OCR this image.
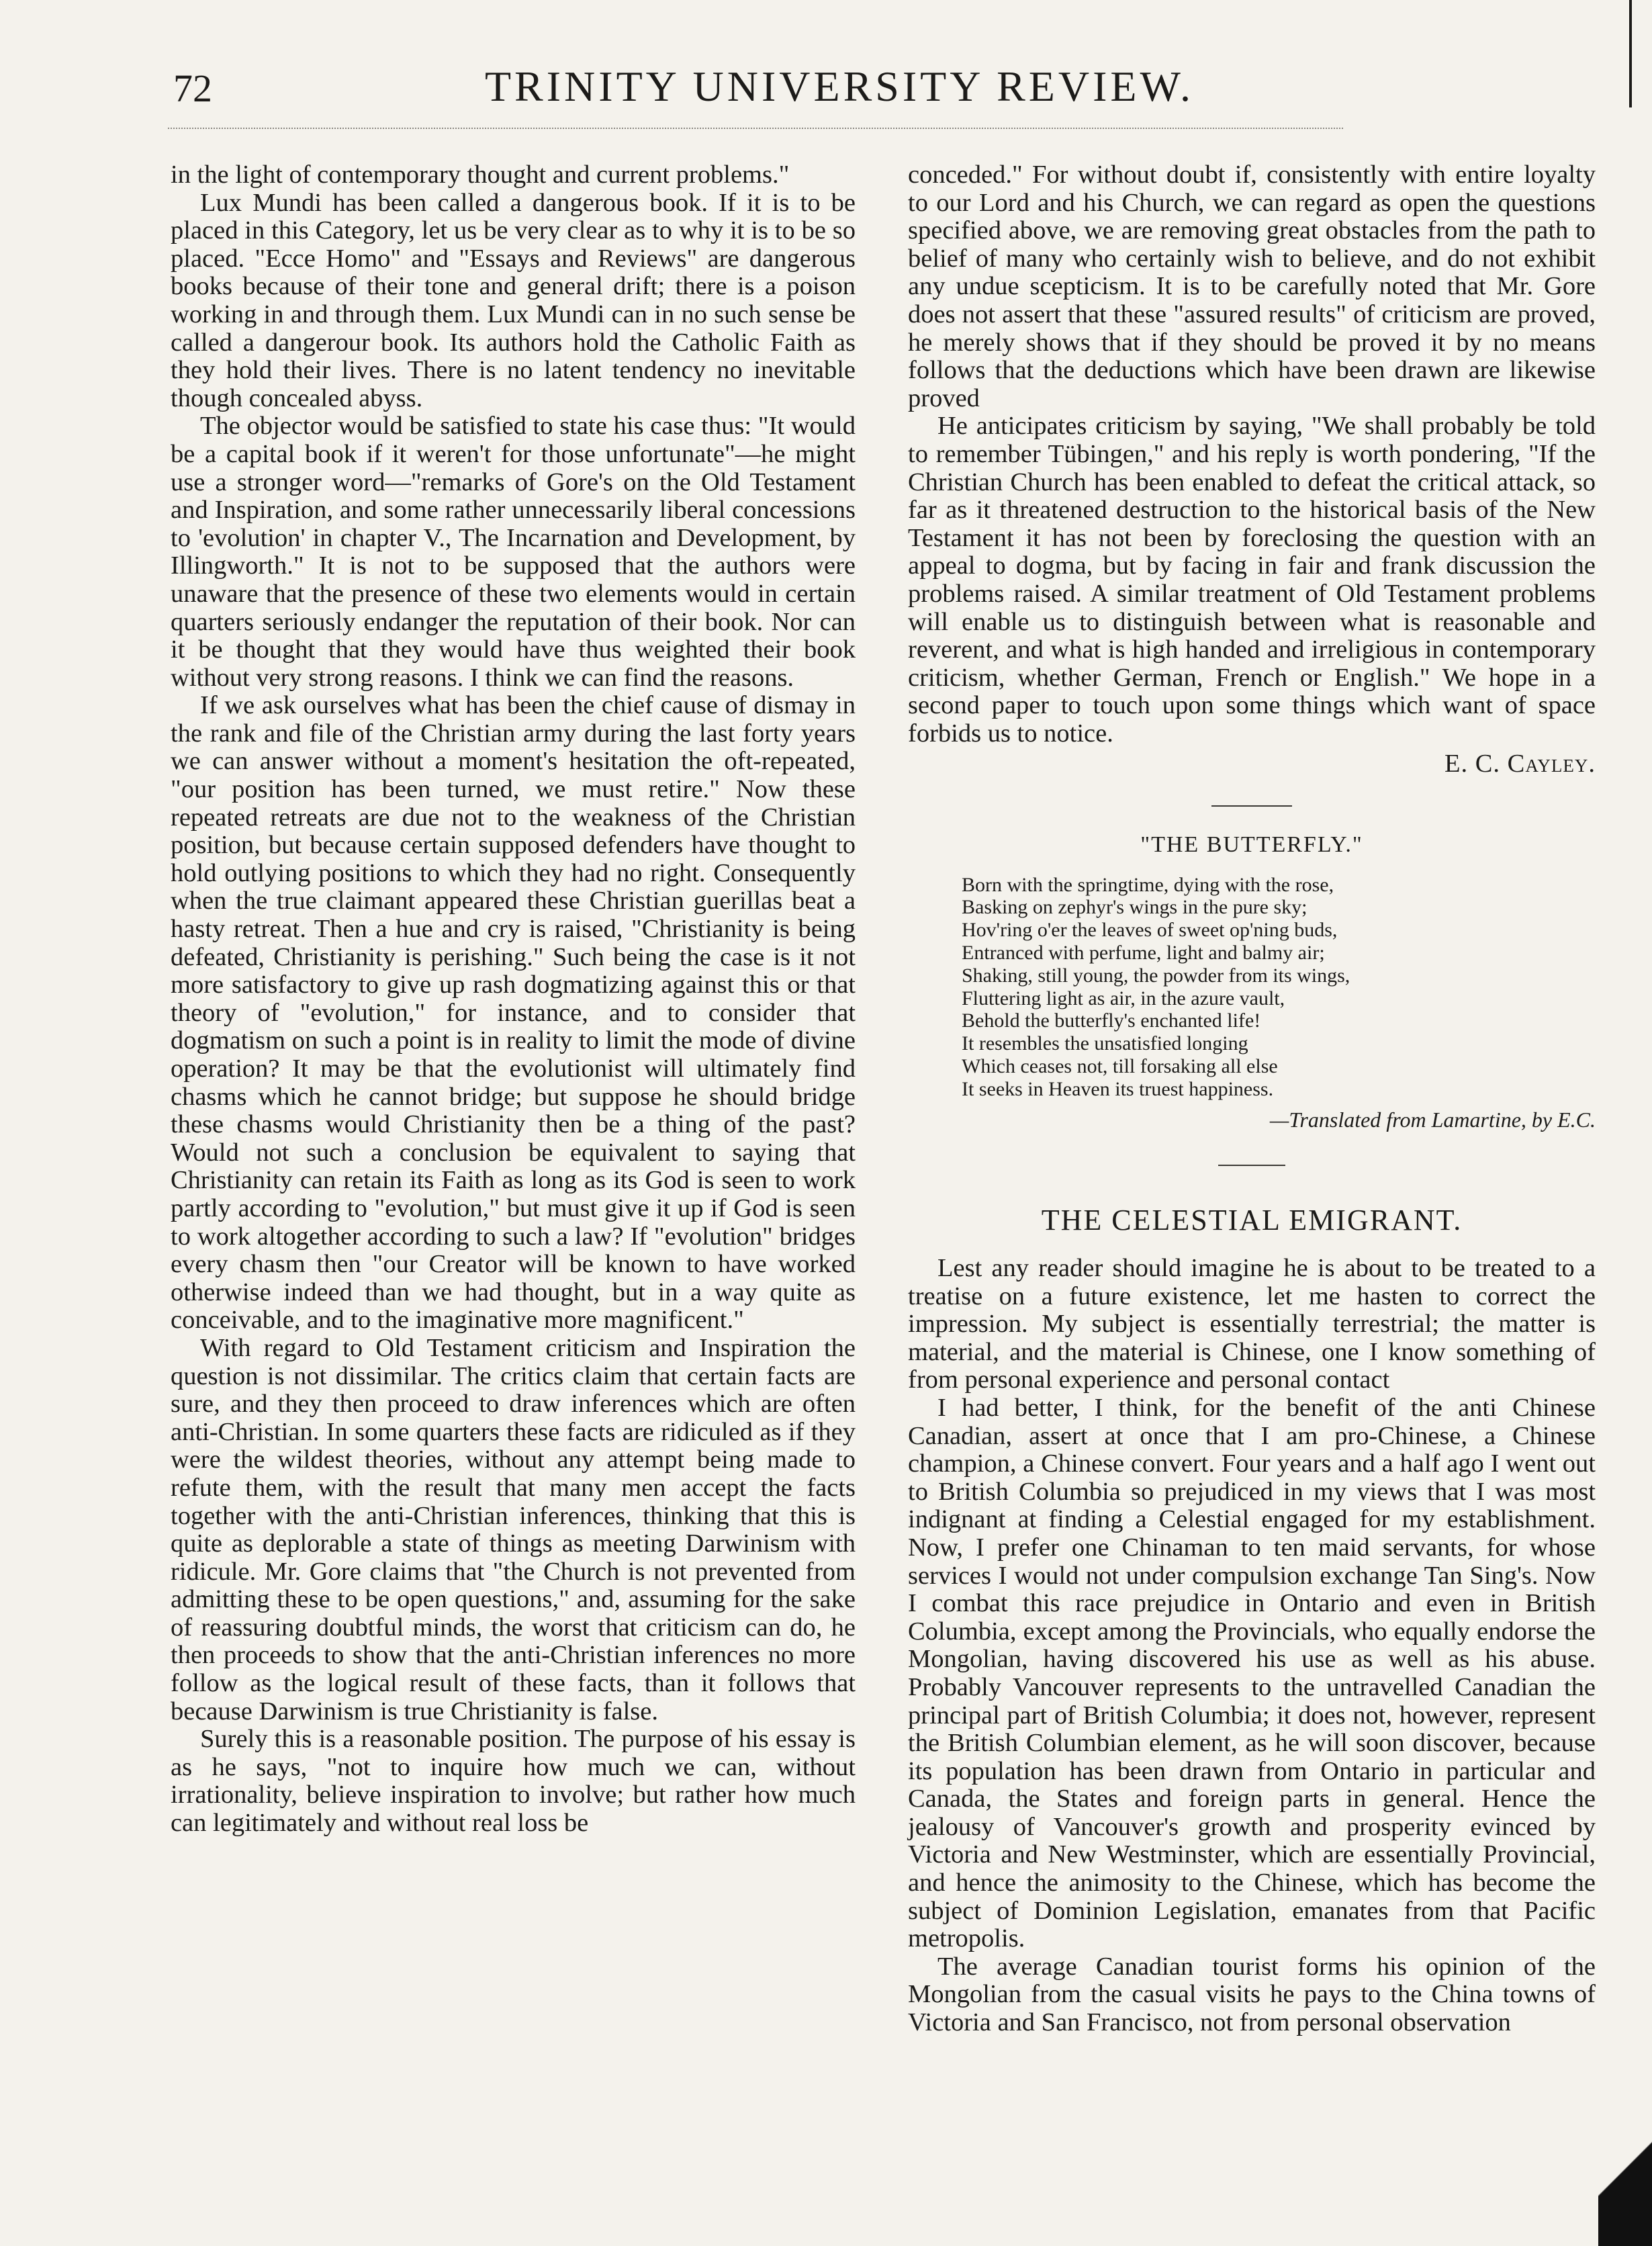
72	TRINITY UNIVERSITY REVIEW.

in the light of contemporary thought and current problems."

Lux Mundi has been called a dangerous book. If it is to be placed in this Category, let us be very clear as to why it is to be so placed. "Ecce Homo" and "Essays and Reviews" are dangerous books because of their tone and general drift; there is a poison working in and through them. Lux Mundi can in no such sense be called a dangerour book. Its authors hold the Catholic Faith as they hold their lives. There is no latent tendency no inevitable though concealed abyss.

The objector would be satisfied to state his case thus: "It would be a capital book if it weren't for those unfortunate"—he might use a stronger word—"remarks of Gore's on the Old Testament and Inspiration, and some rather unnecessarily liberal concessions to 'evolution' in chapter V., The Incarnation and Development, by Illingworth." It is not to be supposed that the authors were unaware that the presence of these two elements would in certain quarters seriously endanger the reputation of their book. Nor can it be thought that they would have thus weighted their book without very strong reasons. I think we can find the reasons.

If we ask ourselves what has been the chief cause of dismay in the rank and file of the Christian army during the last forty years we can answer without a moment's hesitation the oft-repeated, "our position has been turned, we must retire." Now these repeated retreats are due not to the weakness of the Christian position, but because certain supposed defenders have thought to hold outlying positions to which they had no right. Consequently when the true claimant appeared these Christian guerillas beat a hasty retreat. Then a hue and cry is raised, "Christianity is being defeated, Christianity is perishing." Such being the case is it not more satisfactory to give up rash dogmatizing against this or that theory of "evolution," for instance, and to consider that dogmatism on such a point is in reality to limit the mode of divine operation? It may be that the evolutionist will ultimately find chasms which he cannot bridge; but suppose he should bridge these chasms would Christianity then be a thing of the past? Would not such a conclusion be equivalent to saying that Christianity can retain its Faith as long as its God is seen to work partly according to "evolution," but must give it up if God is seen to work altogether according to such a law? If "evolution" bridges every chasm then "our Creator will be known to have worked otherwise indeed than we had thought, but in a way quite as conceivable, and to the imaginative more magnificent."

With regard to Old Testament criticism and Inspiration the question is not dissimilar. The critics claim that certain facts are sure, and they then proceed to draw inferences which are often anti-Christian. In some quarters these facts are ridiculed as if they were the wildest theories, without any attempt being made to refute them, with the result that many men accept the facts together with the anti-Christian inferences, thinking that this is quite as deplorable a state of things as meeting Darwinism with ridicule. Mr. Gore claims that "the Church is not prevented from admitting these to be open questions," and, assuming for the sake of reassuring doubtful minds, the worst that criticism can do, he then proceeds to show that the anti-Christian inferences no more follow as the logical result of these facts, than it follows that because Darwinism is true Christianity is false.

Surely this is a reasonable position. The purpose of his essay is as he says, "not to inquire how much we can, without irrationality, believe inspiration to involve; but rather how much can legitimately and without real loss be

conceded." For without doubt if, consistently with entire loyalty to our Lord and his Church, we can regard as open the questions specified above, we are removing great obstacles from the path to belief of many who certainly wish to believe, and do not exhibit any undue scepticism. It is to be carefully noted that Mr. Gore does not assert that these "assured results" of criticism are proved, he merely shows that if they should be proved it by no means follows that the deductions which have been drawn are likewise proved

He anticipates criticism by saying, "We shall probably be told to remember Tübingen," and his reply is worth pondering, "If the Christian Church has been enabled to defeat the critical attack, so far as it threatened destruction to the historical basis of the New Testament it has not been by foreclosing the question with an appeal to dogma, but by facing in fair and frank discussion the problems raised. A similar treatment of Old Testament problems will enable us to distinguish between what is reasonable and reverent, and what is high handed and irreligious in contemporary criticism, whether German, French or English." We hope in a second paper to touch upon some things which want of space forbids us to notice.

E. C. Cayley.
"THE BUTTERFLY."
Born with the springtime, dying with the rose,
Basking on zephyr's wings in the pure sky;
Hov'ring o'er the leaves of sweet op'ning buds,
Entranced with perfume, light and balmy air;
Shaking, still young, the powder from its wings,
Fluttering light as air, in the azure vault,
Behold the butterfly's enchanted life!
It resembles the unsatisfied longing
Which ceases not, till forsaking all else
It seeks in Heaven its truest happiness.
—Translated from Lamartine, by E.C.
THE CELESTIAL EMIGRANT.

Lest any reader should imagine he is about to be treated to a treatise on a future existence, let me hasten to correct the impression. My subject is essentially terrestrial; the matter is material, and the material is Chinese, one I know something of from personal experience and personal contact

I had better, I think, for the benefit of the anti Chinese Canadian, assert at once that I am pro-Chinese, a Chinese champion, a Chinese convert. Four years and a half ago I went out to British Columbia so prejudiced in my views that I was most indignant at finding a Celestial engaged for my establishment. Now, I prefer one Chinaman to ten maid servants, for whose services I would not under compulsion exchange Tan Sing's. Now I combat this race prejudice in Ontario and even in British Columbia, except among the Provincials, who equally endorse the Mongolian, having discovered his use as well as his abuse. Probably Vancouver represents to the untravelled Canadian the principal part of British Columbia; it does not, however, represent the British Columbian element, as he will soon discover, because its population has been drawn from Ontario in particular and Canada, the States and foreign parts in general. Hence the jealousy of Vancouver's growth and prosperity evinced by Victoria and New Westminster, which are essentially Provincial, and hence the animosity to the Chinese, which has become the subject of Dominion Legislation, emanates from that Pacific metropolis.

The average Canadian tourist forms his opinion of the Mongolian from the casual visits he pays to the China towns of Victoria and San Francisco, not from personal observation
